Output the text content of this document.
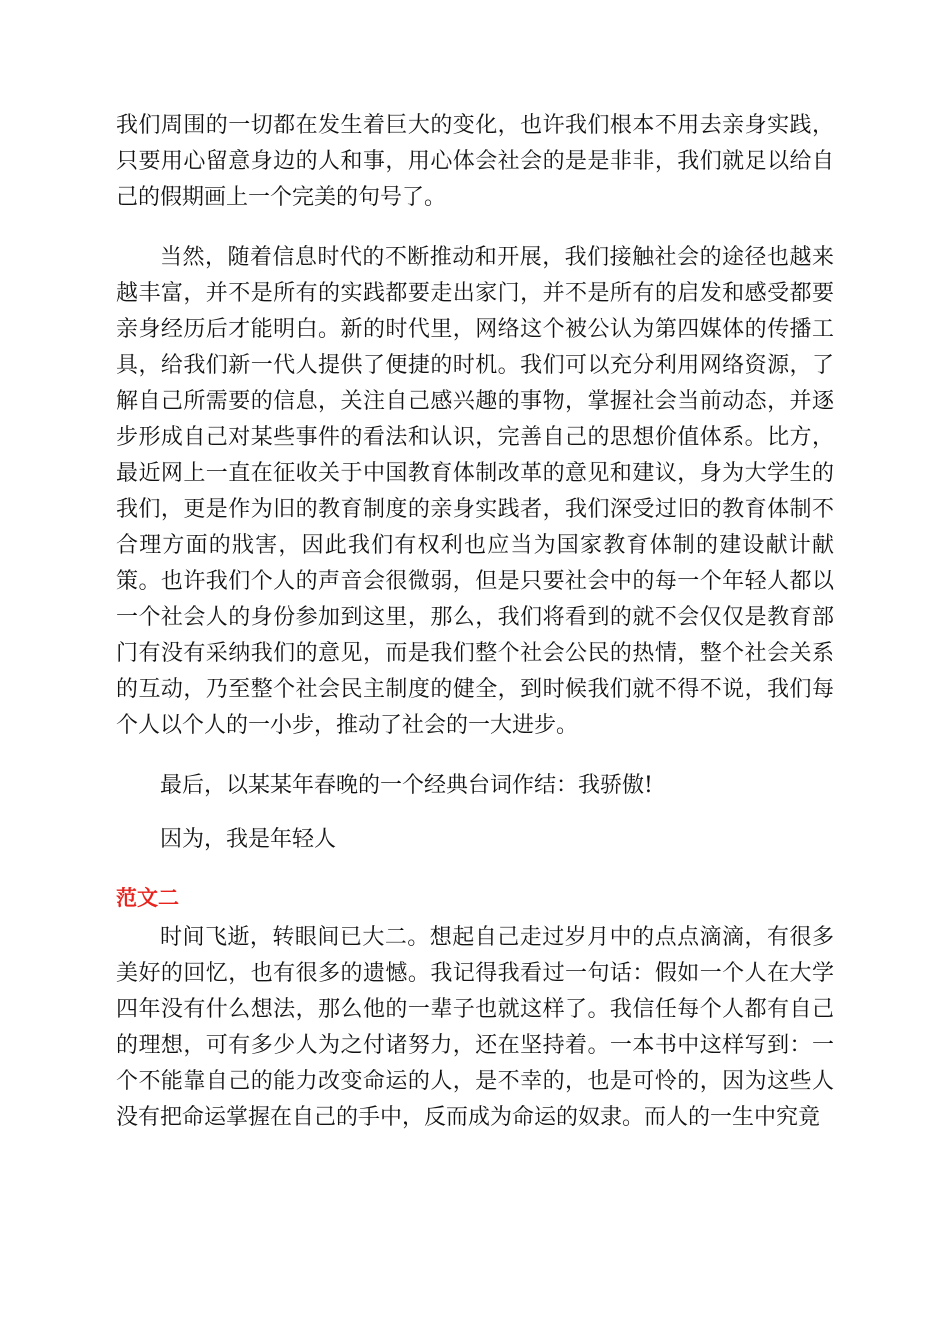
我们周围的一切都在发生着巨大的变化，也许我们根本不用去亲身实践，只要用心留意身边的人和事，用心体会社会的是是非非，我们就足以给自己的假期画上一个完美的句号了。

当然，随着信息时代的不断推动和开展，我们接触社会的途径也越来越丰富，并不是所有的实践都要走出家门，并不是所有的启发和感受都要亲身经历后才能明白。新的时代里，网络这个被公认为第四媒体的传播工具，给我们新一代人提供了便捷的时机。我们可以充分利用网络资源，了解自己所需要的信息，关注自己感兴趣的事物，掌握社会当前动态，并逐步形成自己对某些事件的看法和认识，完善自己的思想价值体系。比方，最近网上一直在征收关于中国教育体制改革的意见和建议，身为大学生的我们，更是作为旧的教育制度的亲身实践者，我们深受过旧的教育体制不合理方面的戕害，因此我们有权利也应当为国家教育体制的建设献计献策。也许我们个人的声音会很微弱，但是只要社会中的每一个年轻人都以一个社会人的身份参加到这里，那么，我们将看到的就不会仅仅是教育部门有没有采纳我们的意见，而是我们整个社会公民的热情，整个社会关系的互动，乃至整个社会民主制度的健全，到时候我们就不得不说，我们每个人以个人的一小步，推动了社会的一大进步。

最后，以某某年春晚的一个经典台词作结：我骄傲!

因为，我是年轻人

范文二

时间飞逝，转眼间已大二。想起自己走过岁月中的点点滴滴，有很多美好的回忆，也有很多的遗憾。我记得我看过一句话：假如一个人在大学四年没有什么想法，那么他的一辈子也就这样了。我信任每个人都有自己的理想，可有多少人为之付诸努力，还在坚持着。一本书中这样写到：一个不能靠自己的能力改变命运的人，是不幸的，也是可怜的，因为这些人没有把命运掌握在自己的手中，反而成为命运的奴隶。而人的一生中究竟
